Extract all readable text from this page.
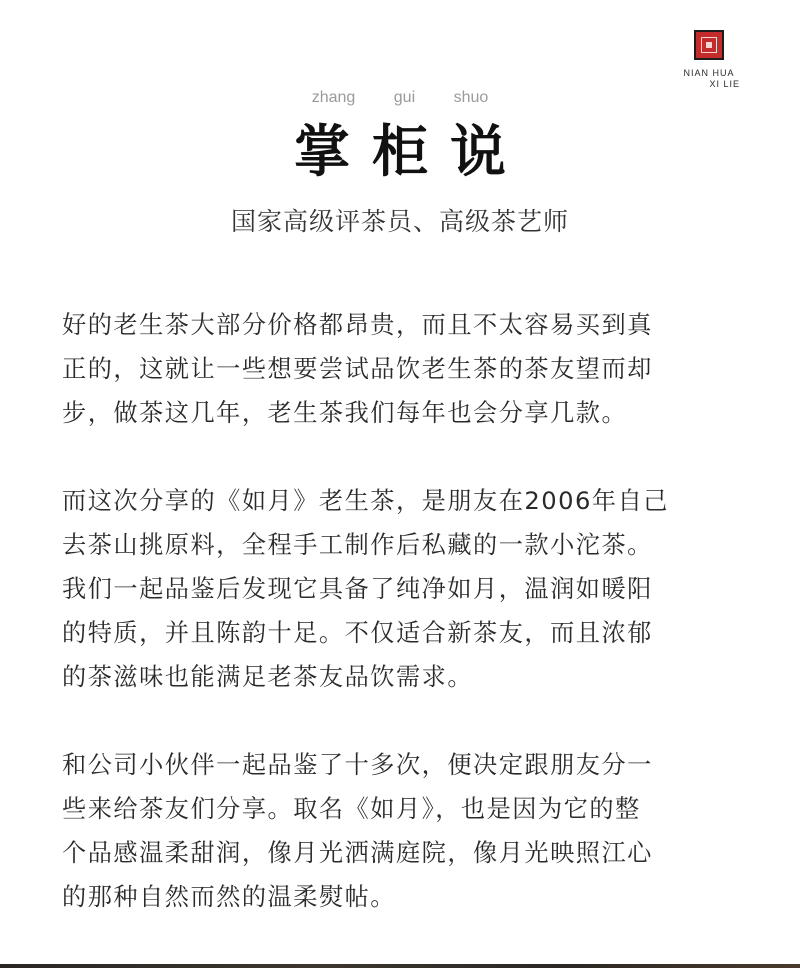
NIAN HUA
XI LIE
zhang gui shuo
掌柜说
国家高级评茶员、高级茶艺师

好的老生茶大部分价格都昂贵，而且不太容易买到真
正的，这就让一些想要尝试品饮老生茶的茶友望而却
步，做茶这几年，老生茶我们每年也会分享几款。

而这次分享的《如月》老生茶，是朋友在2006年自己
去茶山挑原料，全程手工制作后私藏的一款小沱茶。
我们一起品鉴后发现它具备了纯净如月，温润如暖阳
的特质，并且陈韵十足。不仅适合新茶友，而且浓郁
的茶滋味也能满足老茶友品饮需求。

和公司小伙伴一起品鉴了十多次，便决定跟朋友分一
些来给茶友们分享。取名《如月》，也是因为它的整
个品感温柔甜润，像月光洒满庭院，像月光映照江心
的那种自然而然的温柔熨帖。
